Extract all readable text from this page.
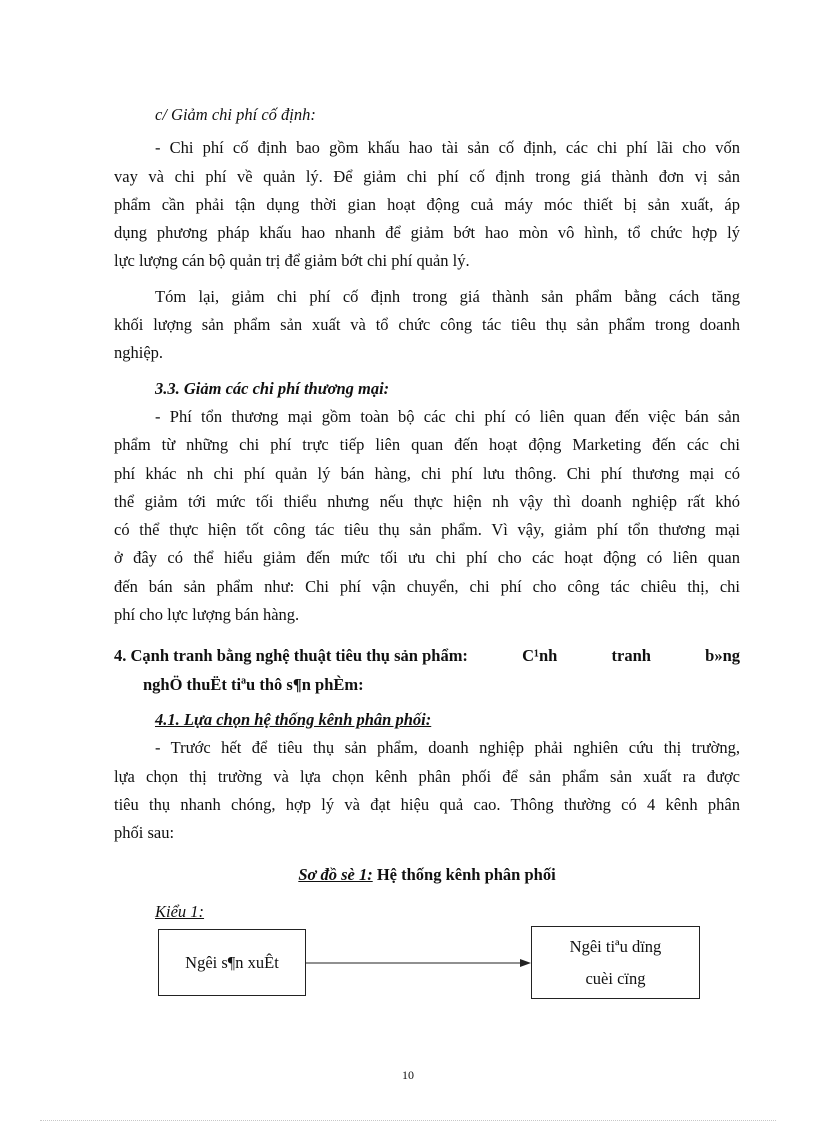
c/ Giảm chi phí cố định:

- Chi phí cố định bao gồm khấu hao tài sản cố định, các chi phí lãi cho vốn

vay và chi phí về quản lý. Để giảm chi phí cố định trong giá thành đơn vị sản

phẩm cần phải tận dụng thời gian hoạt động cuả máy móc thiết bị sản xuất, áp

dụng phương pháp khấu hao nhanh để giảm bớt hao mòn vô hình, tổ chức hợp lý

lực lượng cán bộ quản trị để giảm bớt chi phí quản lý.

Tóm lại, giảm chi phí cố định trong giá thành sản phẩm bằng cách tăng

khối lượng sản phẩm sản xuất và tổ chức công tác tiêu thụ sản phẩm trong doanh

nghiệp.

3.3. Giảm các chi phí thương mại:

- Phí tổn thương mại gồm toàn bộ các chi phí có liên quan đến việc bán sản

phẩm từ những chi phí trực tiếp liên quan đến hoạt động Marketing đến các chi

phí khác nh chi phí quản lý bán hàng, chi phí lưu thông. Chi phí thương mại có

thể giảm tới mức tối thiểu nhưng nếu thực hiện nh vậy thì doanh nghiệp rất khó

có thể thực hiện tốt công tác tiêu thụ sản phẩm. Vì vậy, giảm phí tổn thương mại

ở đây có thể hiểu giảm đến mức tối ưu chi phí cho các hoạt động có liên quan

đến bán sản phẩm như: Chi phí vận chuyển, chi phí cho công tác chiêu thị, chi

phí cho lực lượng bán hàng.

4. Cạnh tranh bằng nghệ thuật tiêu thụ sản phẩm:	C¹nh	tranh	b»ng

nghÖ thuËt tiªu thô s¶n phÈm:

4.1. Lựa chọn hệ thống kênh phân phối:

- Trước hết để tiêu thụ sản phẩm, doanh nghiệp phải nghiên cứu thị trường,

lựa chọn thị trường và lựa chọn kênh phân phối để sản phẩm sản xuất ra được

tiêu thụ nhanh chóng, hợp lý và đạt hiệu quả cao. Thông thường có 4 kênh phân

phối sau:

Sơ đồ sè 1: Hệ thống kênh phân phối

Kiểu 1:

Ngêi s¶n xuÊt
Ngêi tiªu dïng
cuèi cïng
10
